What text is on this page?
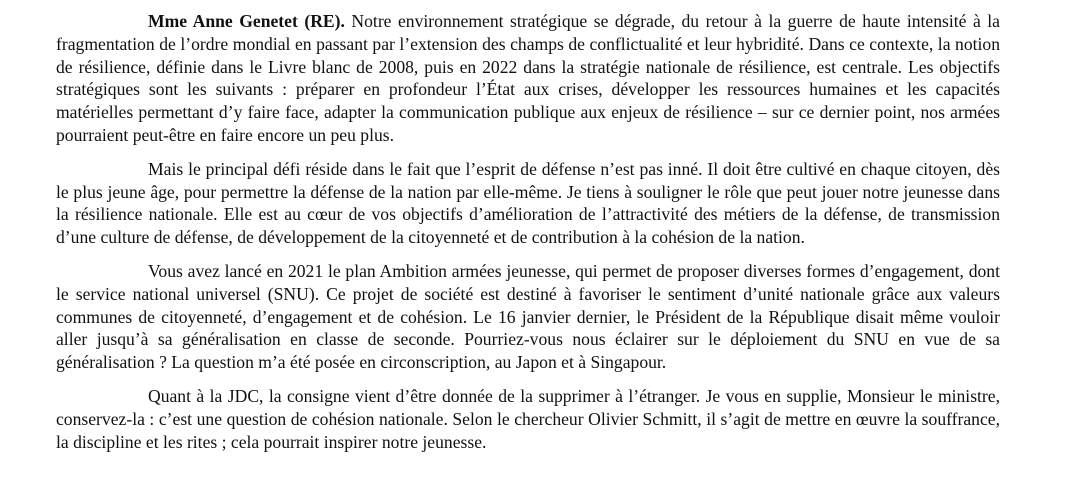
Mme Anne Genetet (RE). Notre environnement stratégique se dégrade, du retour à la guerre de haute intensité à la fragmentation de l’ordre mondial en passant par l’extension des champs de conflictualité et leur hybridité. Dans ce contexte, la notion de résilience, définie dans le Livre blanc de 2008, puis en 2022 dans la stratégie nationale de résilience, est centrale. Les objectifs stratégiques sont les suivants : préparer en profondeur l’État aux crises, développer les ressources humaines et les capacités matérielles permettant d’y faire face, adapter la communication publique aux enjeux de résilience – sur ce dernier point, nos armées pourraient peut-être en faire encore un peu plus.

Mais le principal défi réside dans le fait que l’esprit de défense n’est pas inné. Il doit être cultivé en chaque citoyen, dès le plus jeune âge, pour permettre la défense de la nation par elle-même. Je tiens à souligner le rôle que peut jouer notre jeunesse dans la résilience nationale. Elle est au cœur de vos objectifs d’amélioration de l’attractivité des métiers de la défense, de transmission d’une culture de défense, de développement de la citoyenneté et de contribution à la cohésion de la nation.

Vous avez lancé en 2021 le plan Ambition armées jeunesse, qui permet de proposer diverses formes d’engagement, dont le service national universel (SNU). Ce projet de société est destiné à favoriser le sentiment d’unité nationale grâce aux valeurs communes de citoyenneté, d’engagement et de cohésion. Le 16 janvier dernier, le Président de la République disait même vouloir aller jusqu’à sa généralisation en classe de seconde. Pourriez-vous nous éclairer sur le déploiement du SNU en vue de sa généralisation ? La question m’a été posée en circonscription, au Japon et à Singapour.

Quant à la JDC, la consigne vient d’être donnée de la supprimer à l’étranger. Je vous en supplie, Monsieur le ministre, conservez-la : c’est une question de cohésion nationale. Selon le chercheur Olivier Schmitt, il s’agit de mettre en œuvre la souffrance, la discipline et les rites ; cela pourrait inspirer notre jeunesse.
